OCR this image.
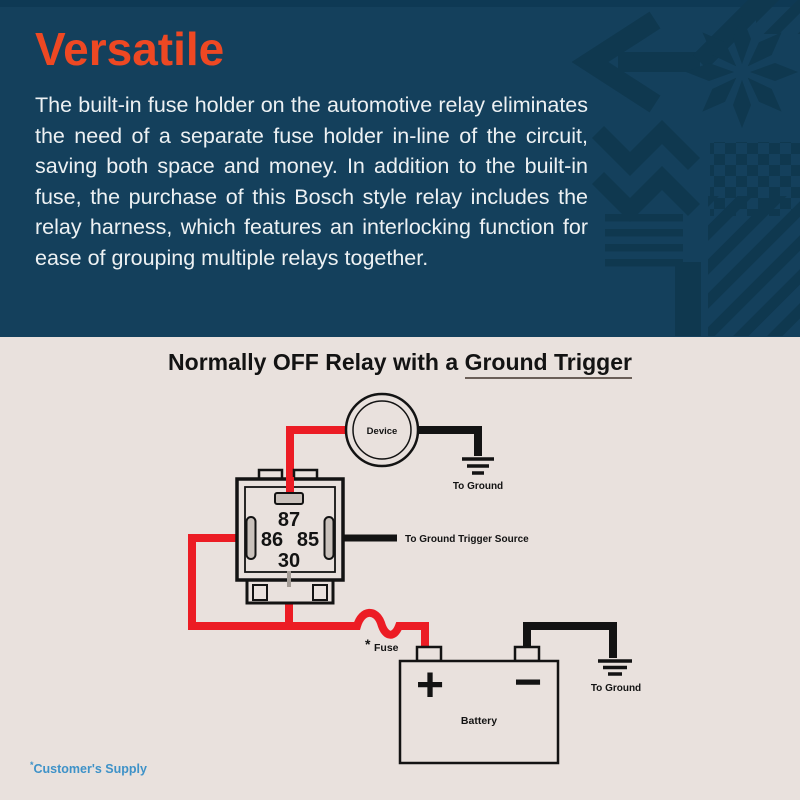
Versatile

The built-in fuse holder on the automotive relay eliminates the need of a separate fuse holder in-line of the circuit, saving both space and money. In addition to the built-in fuse, the purchase of this Bosch style relay includes the relay harness, which features an interlocking function for ease of grouping multiple relays together.

Normally OFF Relay with a Ground Trigger
Device
87
86 85
30
+ −
Battery
To Ground
To Ground Trigger Source
* Fuse
To Ground
*Customer's Supply
